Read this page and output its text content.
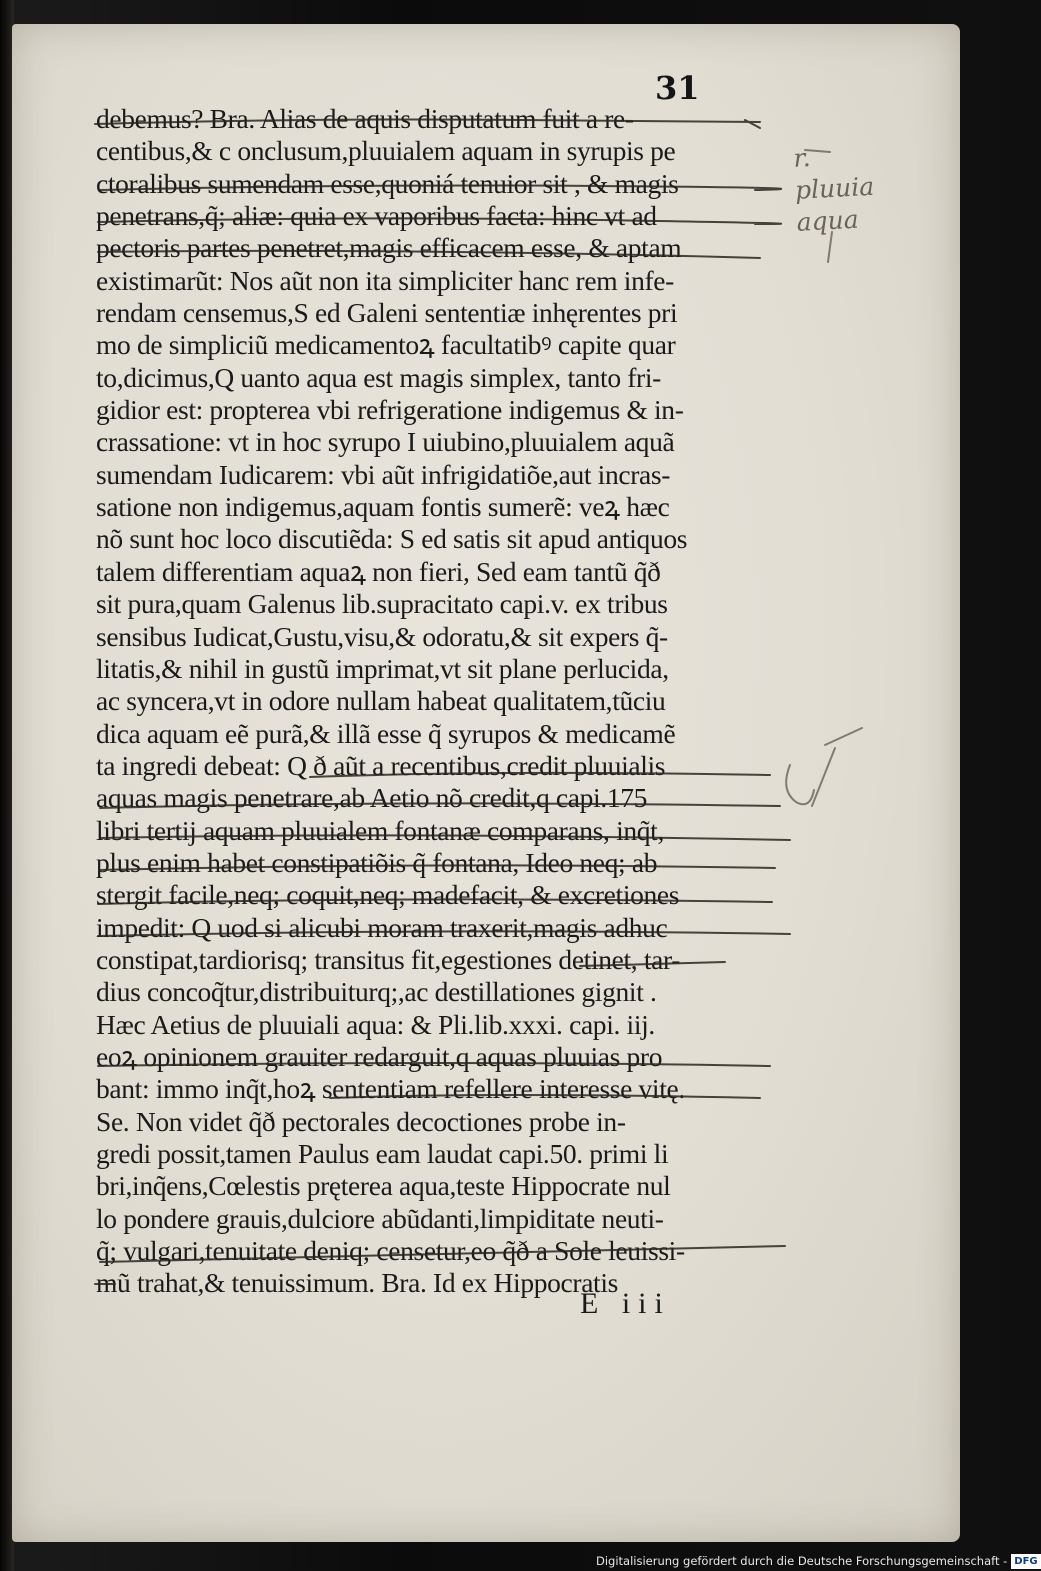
31

debemus? Bra. Alias de aquis disputatum fuit a re-
centibus,& c onclusum,pluuialem aquam in syrupis pe
ctoralibus sumendam esse,quoniá tenuior sit , & magis
penetrans,q̃; aliæ: quia ex vaporibus facta: hinc vt ad
pectoris partes penetret,magis efficacem esse, & aptam
existimarũt: Nos aũt non ita simpliciter hanc rem infe-
rendam censemus,S ed Galeni sententiæ inhęrentes pri
mo de simpliciũ medicamentoꝝ facultatibꝰ capite quar
to,dicimus,Q uanto aqua est magis simplex, tanto fri-
gidior est: propterea vbi refrigeratione indigemus & in-
crassatione: vt in hoc syrupo I uiubino,pluuialem aquã
sumendam Iudicarem: vbi aũt infrigidatiõe,aut incras-
satione non indigemus,aquam fontis sumerẽ: veꝝ hæc
nõ sunt hoc loco discutiẽda: S ed satis sit apud antiquos
talem differentiam aquaꝝ non fieri, Sed eam tantũ q̃ð
sit pura,quam Galenus lib.supracitato capi.v. ex tribus
sensibus Iudicat,Gustu,visu,& odoratu,& sit expers q̃-
litatis,& nihil in gustũ imprimat,vt sit plane perlucida,
ac syncera,vt in odore nullam habeat qualitatem,tũciu
dica aquam eẽ purã,& illã esse q̃ syrupos & medicamẽ
ta ingredi debeat: Q ð aũt a recentibus,credit pluuialis
aquas magis penetrare,ab Aetio nõ credit,q capi.175
libri tertij aquam pluuialem fontanæ comparans, inq̃t,
plus enim habet constipatiõis q̃ fontana, Ideo neq; ab
stergit facile,neq; coquit,neq; madefacit, & excretiones
impedit: Q uod si alicubi moram traxerit,magis adhuc
constipat,tardiorisq; transitus fit,egestiones detinet, tar-
dius concoq̃tur,distribuiturq;,ac destillationes gignit .
Hæc Aetius de pluuiali aqua: & Pli.lib.xxxi. capi. iij.
eoꝝ opinionem grauiter redarguit,q aquas pluuias pro
bant: immo inq̃t,hoꝝ sententiam refellere interesse vitę.
Se. Non videt q̃ð pectorales decoctiones probe in-
gredi possit,tamen Paulus eam laudat capi.50. primi li
bri,inq̃ens,Cœlestis prętereа aqua,teste Hippocrate nul
lo pondere grauis,dulciore abũdanti,limpiditate neuti-
q̃; vulgari,tenuitate deniq; censetur,eo q̃ð a Sole leuissi-
mũ trahat,& tenuissimum. Bra. Id ex Hippocratis
r.
pluuia
aqua

E iii

Digitalisierung gefördert durch die Deutsche Forschungsgemeinschaft - DFG
